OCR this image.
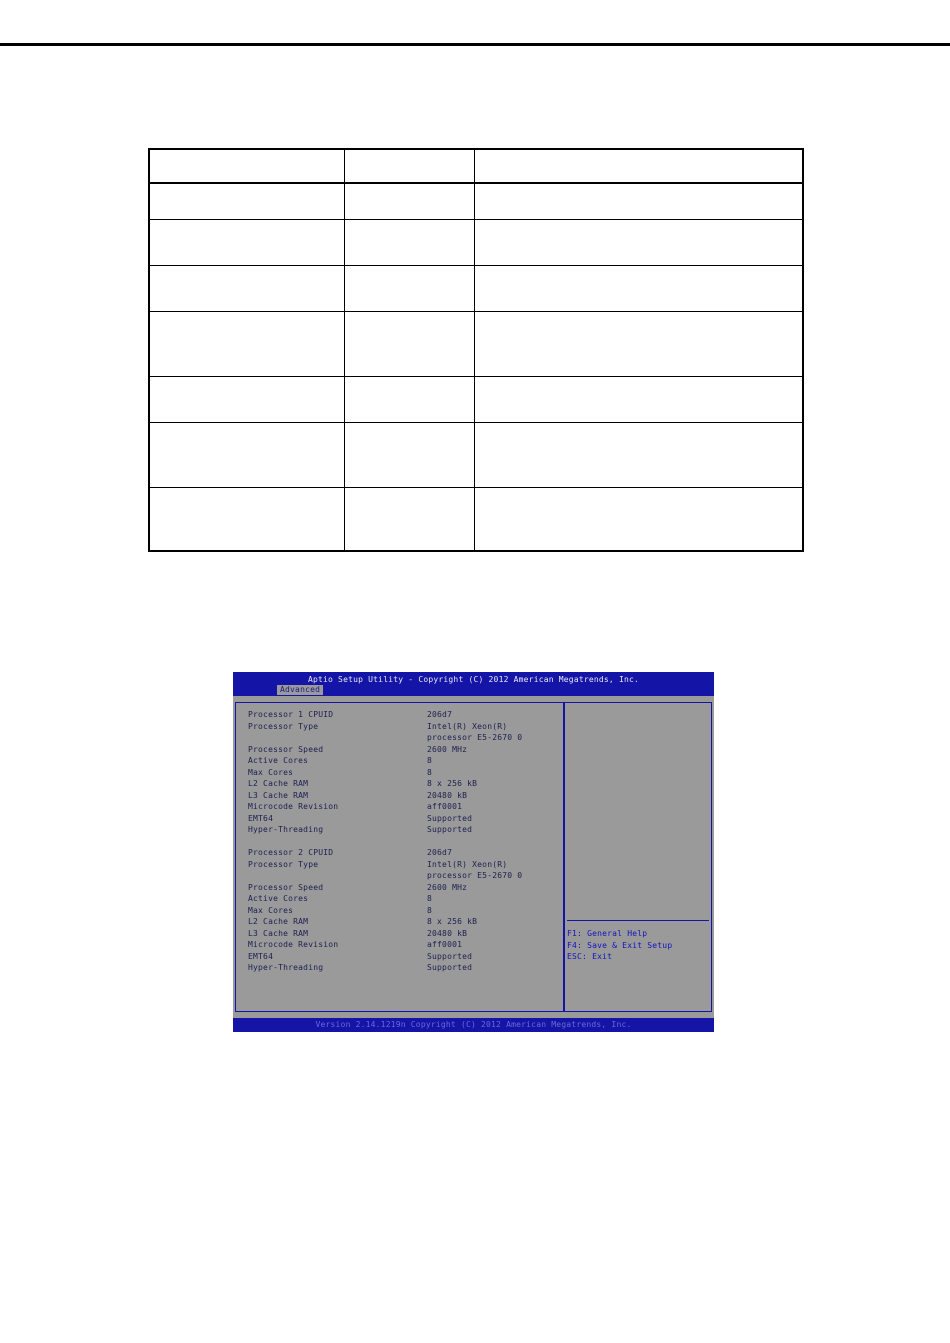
Aptio Setup Utility - Copyright (C) 2012 American Megatrends, Inc.
Advanced
Processor 1 CPUID	206d7
Processor Type	Intel(R) Xeon(R)
processor E5-2670 0
Processor Speed	2600 MHz
Active Cores	8
Max Cores	8
L2 Cache RAM	8 x 256 kB
L3 Cache RAM	20480 kB
Microcode Revision	aff0001
EMT64	Supported
Hyper-Threading	Supported
Processor 2 CPUID	206d7
Processor Type	Intel(R) Xeon(R)
processor E5-2670 0
Processor Speed	2600 MHz
Active Cores	8
Max Cores	8
L2 Cache RAM	8 x 256 kB
L3 Cache RAM	20480 kB
Microcode Revision	aff0001
EMT64	Supported
Hyper-Threading	Supported
F1: General Help
F4: Save & Exit Setup
ESC: Exit
Version 2.14.1219n Copyright (C) 2012 American Megatrends, Inc.
